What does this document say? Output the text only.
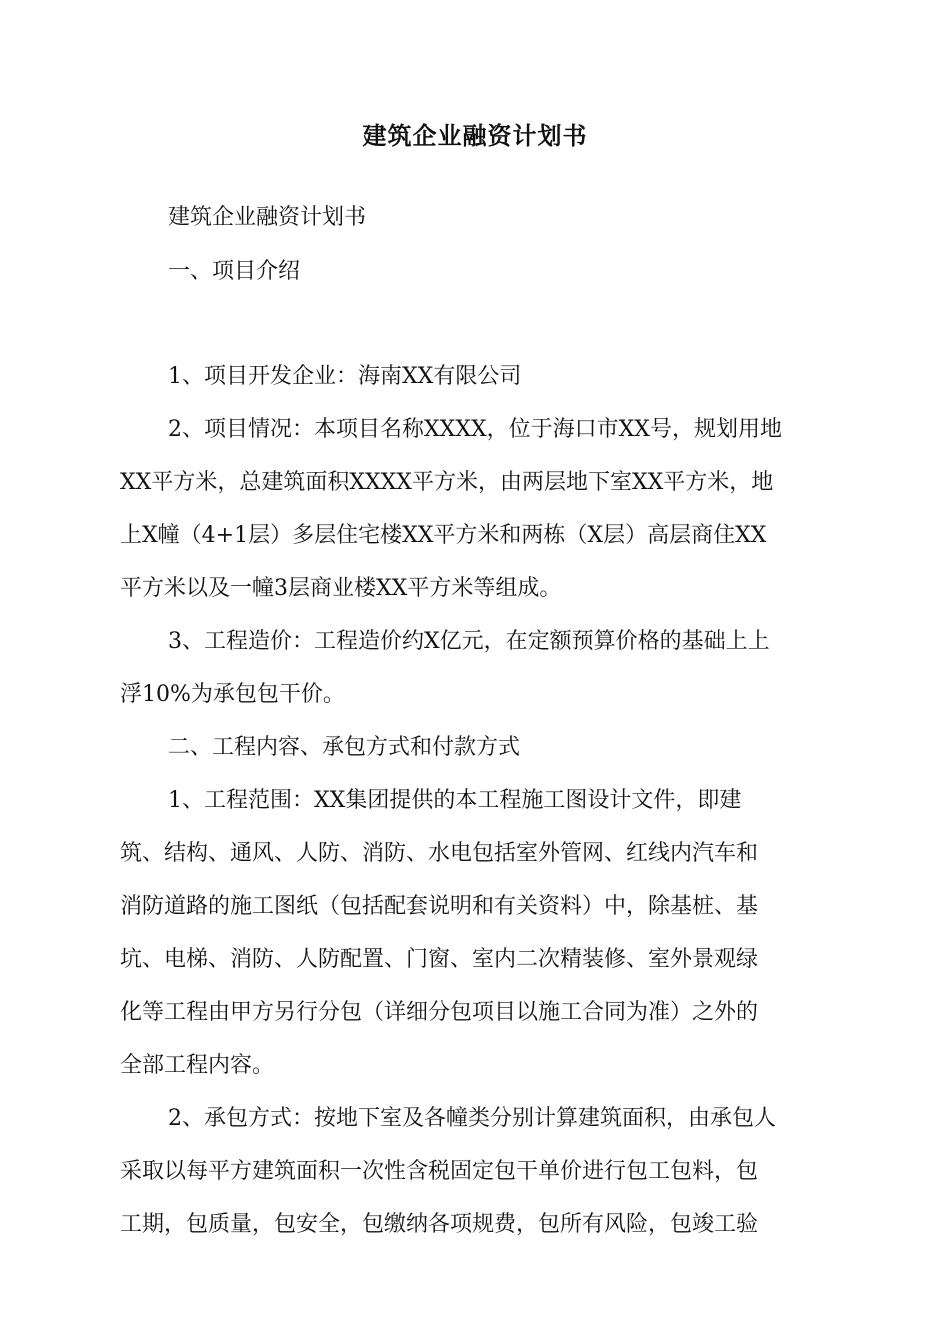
建筑企业融资计划书
建筑企业融资计划书
一、项目介绍
1、项目开发企业：海南XX有限公司
2、项目情况：本项目名称XXXX，位于海口市XX号，规划用地
XX平方米，总建筑面积XXXX平方米，由两层地下室XX平方米，地
上X幢（4+1层）多层住宅楼XX平方米和两栋（X层）高层商住XX
平方米以及一幢3层商业楼XX平方米等组成。
3、工程造价：工程造价约X亿元，在定额预算价格的基础上上
浮10%为承包包干价。
二、工程内容、承包方式和付款方式
1、工程范围：XX集团提供的本工程施工图设计文件，即建
筑、结构、通风、人防、消防、水电包括室外管网、红线内汽车和
消防道路的施工图纸（包括配套说明和有关资料）中，除基桩、基
坑、电梯、消防、人防配置、门窗、室内二次精装修、室外景观绿
化等工程由甲方另行分包（详细分包项目以施工合同为准）之外的
全部工程内容。
2、承包方式：按地下室及各幢类分别计算建筑面积，由承包人
采取以每平方建筑面积一次性含税固定包干单价进行包工包料，包
工期，包质量，包安全，包缴纳各项规费，包所有风险，包竣工验
